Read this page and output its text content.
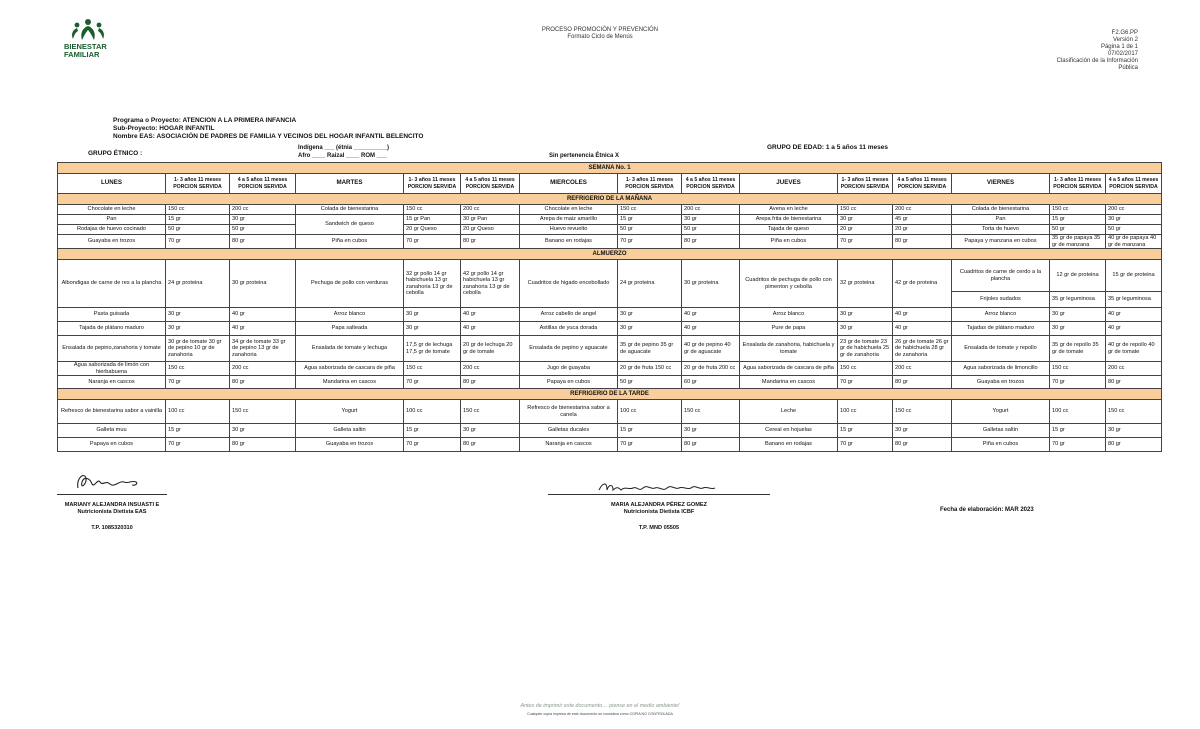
BIENESTAR
FAMILIAR
PROCESO PROMOCIÓN Y PREVENCIÓN
Formato Ciclo de Menús
F2.G6.PP
Versión 2
Página 1 de 1
07/02/2017
Clasificación de la Información
Pública
Programa o Proyecto: ATENCION A LA PRIMERA INFANCIA
Sub-Proyecto: HOGAR INFANTIL
Nombre EAS: ASOCIACIÓN DE PADRES DE FAMILIA Y VECINOS DEL HOGAR INFANTIL BELENCITO
GRUPO ÉTNICO :
Indígena ___ (étnia __________)
Afro ____ Raizal ____ ROM ___	Sin pertenencia Étnica X
GRUPO DE EDAD: 1 a 5 años 11 meses
SEMANA No. 1														
LUNES	1- 3 años 11 meses PORCION SERVIDA	4 a 5 años 11 meses PORCION SERVIDA	MARTES	1- 3 años 11 meses PORCION SERVIDA	4 a 5 años 11 meses PORCION SERVIDA	MIERCOLES	1- 3 años 11 meses PORCION SERVIDA	4 a 5 años 11 meses PORCION SERVIDA	JUEVES	1- 3 años 11 meses PORCION SERVIDA	4 a 5 años 11 meses PORCION SERVIDA	VIERNES	1- 3 años 11 meses PORCION SERVIDA	4 a 5 años 11 meses PORCION SERVIDA
REFRIGERIO DE LA MAÑANA														
Chocolate en leche	150 cc	200 cc	Colada de bienestarina	150 cc	200 cc	Chocolate en leche	150 cc	200 cc	Avena en leche	150 cc	200 cc	Colada de bienestarina	150 cc	200 cc
Pan	15 gr	30 gr	Sandwich de queso	15 gr Pan	30 gr Pan	Arepa de maiz amarillo	15 gr	30 gr	Arepa frita de bienestarina	30 gr	45 gr	Pan	15 gr	30 gr
Rodajas de huevo cocinado	50 gr	50 gr		20 gr Queso	20 gr Queso	Huevo revuelto	50 gr	50 gr	Tajada de queso	20 gr	20 gr	Torta de huevo	50 gr	50 gr
Guayaba en trozos	70 gr	80 gr	Piña en cubos	70 gr	80 gr	Banano en rodajas	70 gr	80 gr	Piña en cubos	70 gr	80 gr	Papaya y manzana en cubos	35 gr de papaya 35 gr de manzana	40 gr de papaya 40 gr de manzana
ALMUERZO														
Albondigas de carne de res a la plancha	24 gr proteina	30 gr proteina	Pechuga de pollo con verduras	32 gr pollo 14 gr habichuela 13 gr zanahoria 13 gr de cebolla	42 gr pollo 14 gr habichuela 13 gr zanahoria 13 gr de cebolla	Cuadritos de higado encebollado	24 gr proteina	30 gr proteina	Cuadritos de pechuga de pollo con pimenton y cebolla	32 gr proteina	42 gr de proteina	Cuadritos de carne de cerdo a la plancha	12 gr de proteina	15 gr de proteina
												Frijoles sudados	35 gr leguminosa	35 gr leguminosa
Pasta guisada	30 gr	40 gr	Arroz blanco	30 gr	40 gr	Arroz cabello de angel	30 gr	40 gr	Arroz blanco	30 gr	40 gr	Arroz blanco	30 gr	40 gr
Tajada de plátano maduro	30 gr	40 gr	Papa salteada	30 gr	40 gr	Astillas de yuca dorada	30 gr	40 gr	Pure de papa	30 gr	40 gr	Tajadas de plátano maduro	30 gr	40 gr
Ensalada de pepino,zanahoria y tomate	30 gr de tomate 30 gr de pepino 10 gr de zanahoria	34 gr de tomate 33 gr de pepino 13 gr de zanahoria	Ensalada de tomate y lechuga	17,5 gr de lechuga 17,5 gr de tomate	20 gr de lechuga 20 gr de tomate	Ensalada de pepino y aguacate	35 gr de pepino 35 gr de aguacate	40 gr de pepino 40 gr de aguacate	Ensalada de zanahoria, habichuela y tomate	23 gr de tomate 23 gr de habichuela 25 gr de zanahoria	26 gr de tomate 26 gr de habichuela 28 gr de zanahoria	Ensalada de tomate y repollo	35 gr de repollo 35 gr de tomate	40 gr de repollo 40 gr de tomate
Agua saborizada de limón con hierbabuena	150 cc	200 cc	Agua saborizada de cascara de piña	150 cc	200 cc	Jugo de guayaba	20 gr de fruta 150 cc	20 gr de fruta 200 cc	Agua saborizada de cascara de piña	150 cc	200 cc	Agua saborizada de limoncillo	150 cc	200 cc
Naranja en cascos	70 gr	80 gr	Mandarina en cascos	70 gr	80 gr	Papaya en cubos	50 gr	60 gr	Mandarina en cascos	70 gr	80 gr	Guayaba en trozos	70 gr	80 gr
REFRIGERIO DE LA TARDE														
Refresco de bienestarina sabor a vainilla	100 cc	150 cc	Yogurt	100 cc	150 cc	Refresco de bienestarina sabor a canela	100 cc	150 cc	Leche	100 cc	150 cc	Yogurt	100 cc	150 cc
Galleta muu	15 gr	30 gr	Galleta saltin	15 gr	30 gr	Galletas ducales	15 gr	30 gr	Cereal en hojuelas	15 gr	30 gr	Galletas saltin	15 gr	30 gr
Papaya en cubos	70 gr	80 gr	Guayaba en trozos	70 gr	80 gr	Naranja en cascos	70 gr	80 gr	Banano en rodajas	70 gr	80 gr	Piña en cubos	70 gr	80 gr
MARIANY ALEJANDRA INSUASTI E
Nutricionista Dietista EAS
T.P. 1085320310
MARIA ALEJANDRA PÉREZ GOMEZ
Nutricionista Dietista ICBF
T.P. MND 05505
Fecha de elaboración: MAR 2023
Antes de imprimir este documento… piense en el medio ambiente!
Cualquier copia impresa de este documento se considera como COPIA NO CONTROLADA
